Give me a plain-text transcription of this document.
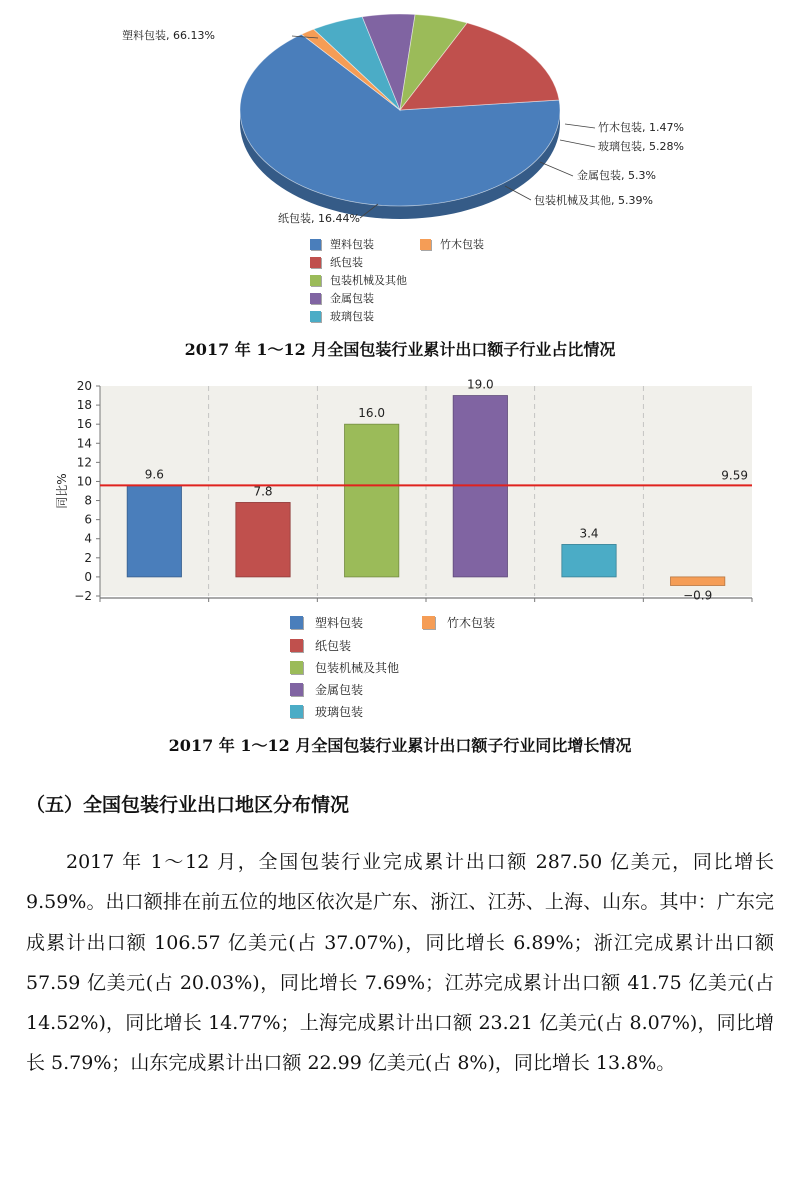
塑料包装, 66.13%
竹木包装, 1.47%
玻璃包装, 5.28%
金属包装, 5.3%
包装机械及其他, 5.39%
纸包装, 16.44%
塑料包装	竹木包装
纸包装
包装机械及其他
金属包装
玻璃包装
2017 年 1～12 月全国包装行业累计出口额子行业占比情况
−2
0
2
4
6
8
10
12
14
16
18
20
同比%	9.6
7.8
16.0
19.0
3.4
−0.9
9.59
塑料包装	竹木包装
纸包装
包装机械及其他
金属包装
玻璃包装
2017 年 1～12 月全国包装行业累计出口额子行业同比增长情况
（五）全国包装行业出口地区分布情况
2017 年 1～12 月，全国包装行业完成累计出口额 287.50 亿美元，同比增长 9.59%。出口额排在前五位的地区依次是广东、浙江、江苏、上海、山东。其中：广东完成累计出口额 106.57 亿美元(占 37.07%)，同比增长 6.89%；浙江完成累计出口额 57.59 亿美元(占 20.03%)，同比增长 7.69%；江苏完成累计出口额 41.75 亿美元(占 14.52%)，同比增长 14.77%；上海完成累计出口额 23.21 亿美元(占 8.07%)，同比增长 5.79%；山东完成累计出口额 22.99 亿美元(占 8%)，同比增长 13.8%。
